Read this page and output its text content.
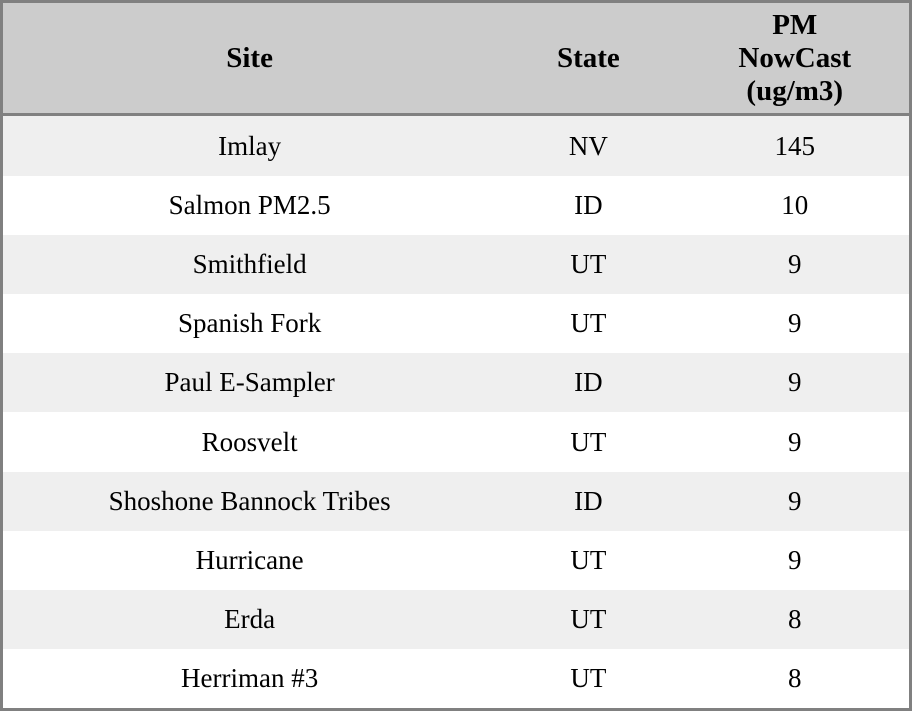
Site	State	PM
NowCast
(ug/m3)

Imlay	NV	145
Salmon PM2.5	ID	10
Smithfield	UT	9
Spanish Fork	UT	9
Paul E-Sampler	ID	9
Roosvelt	UT	9
Shoshone Bannock Tribes	ID	9
Hurricane	UT	9
Erda	UT	8
Herriman #3	UT	8
